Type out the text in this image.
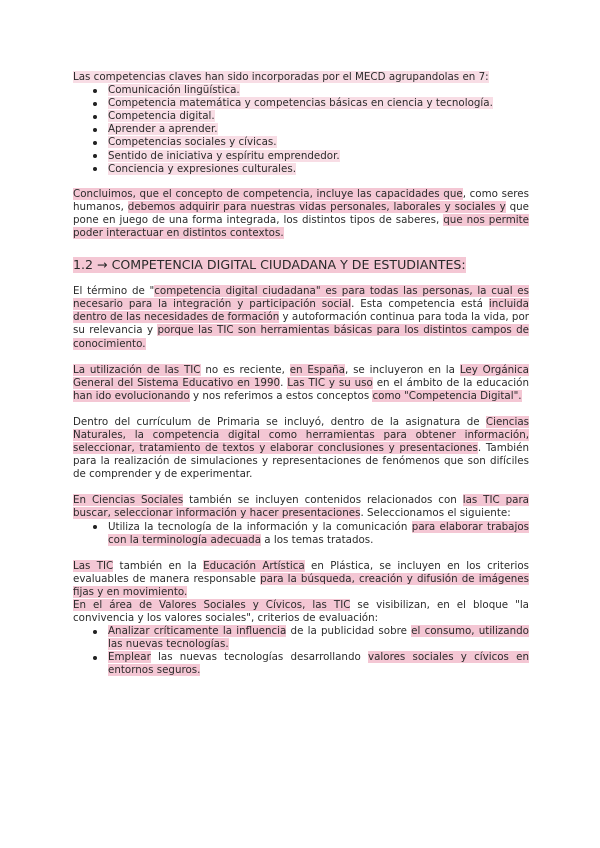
Las competencias claves han sido incorporadas por el MECD agrupandolas en 7:

Comunicación lingüística.
Competencia matemática y competencias básicas en ciencia y tecnología.
Competencia digital.
Aprender a aprender.
Competencias sociales y cívicas.
Sentido de iniciativa y espíritu emprendedor.
Conciencia y expresiones culturales.

Concluimos, que el concepto de competencia, incluye las capacidades que, como seres humanos, debemos adquirir para nuestras vidas personales, laborales y sociales y que pone en juego de una forma integrada, los distintos tipos de saberes, que nos permite poder interactuar en distintos contextos.

1.2 → COMPETENCIA DIGITAL CIUDADANA Y DE ESTUDIANTES:

El término de "competencia digital ciudadana" es para todas las personas, la cual es necesario para la integración y participación social. Esta competencia está incluida dentro de las necesidades de formación y autoformación continua para toda la vida, por su relevancia y porque las TIC son herramientas básicas para los distintos campos de conocimiento.

La utilización de las TIC no es reciente, en España, se incluyeron en la Ley Orgánica General del Sistema Educativo en 1990. Las TIC y su uso en el ámbito de la educación han ido evolucionando y nos referimos a estos conceptos como "Competencia Digital".

Dentro del currículum de Primaria se incluyó, dentro de la asignatura de Ciencias Naturales, la competencia digital como herramientas para obtener información, seleccionar, tratamiento de textos y elaborar conclusiones y presentaciones. También para la realización de simulaciones y representaciones de fenómenos que son difíciles de comprender y de experimentar.

En Ciencias Sociales también se incluyen contenidos relacionados con las TIC para buscar, seleccionar información y hacer presentaciones. Seleccionamos el siguiente:

Utiliza la tecnología de la información y la comunicación para elaborar trabajos con la terminología adecuada a los temas tratados.

Las TIC también en la Educación Artística en Plástica, se incluyen en los criterios evaluables de manera responsable para la búsqueda, creación y difusión de imágenes fijas y en movimiento.

En el área de Valores Sociales y Cívicos, las TIC se visibilizan, en el bloque "la convivencia y los valores sociales", criterios de evaluación:

Analizar críticamente la influencia de la publicidad sobre el consumo, utilizando las nuevas tecnologías.
Emplear las nuevas tecnologías desarrollando valores sociales y cívicos en entornos seguros.
